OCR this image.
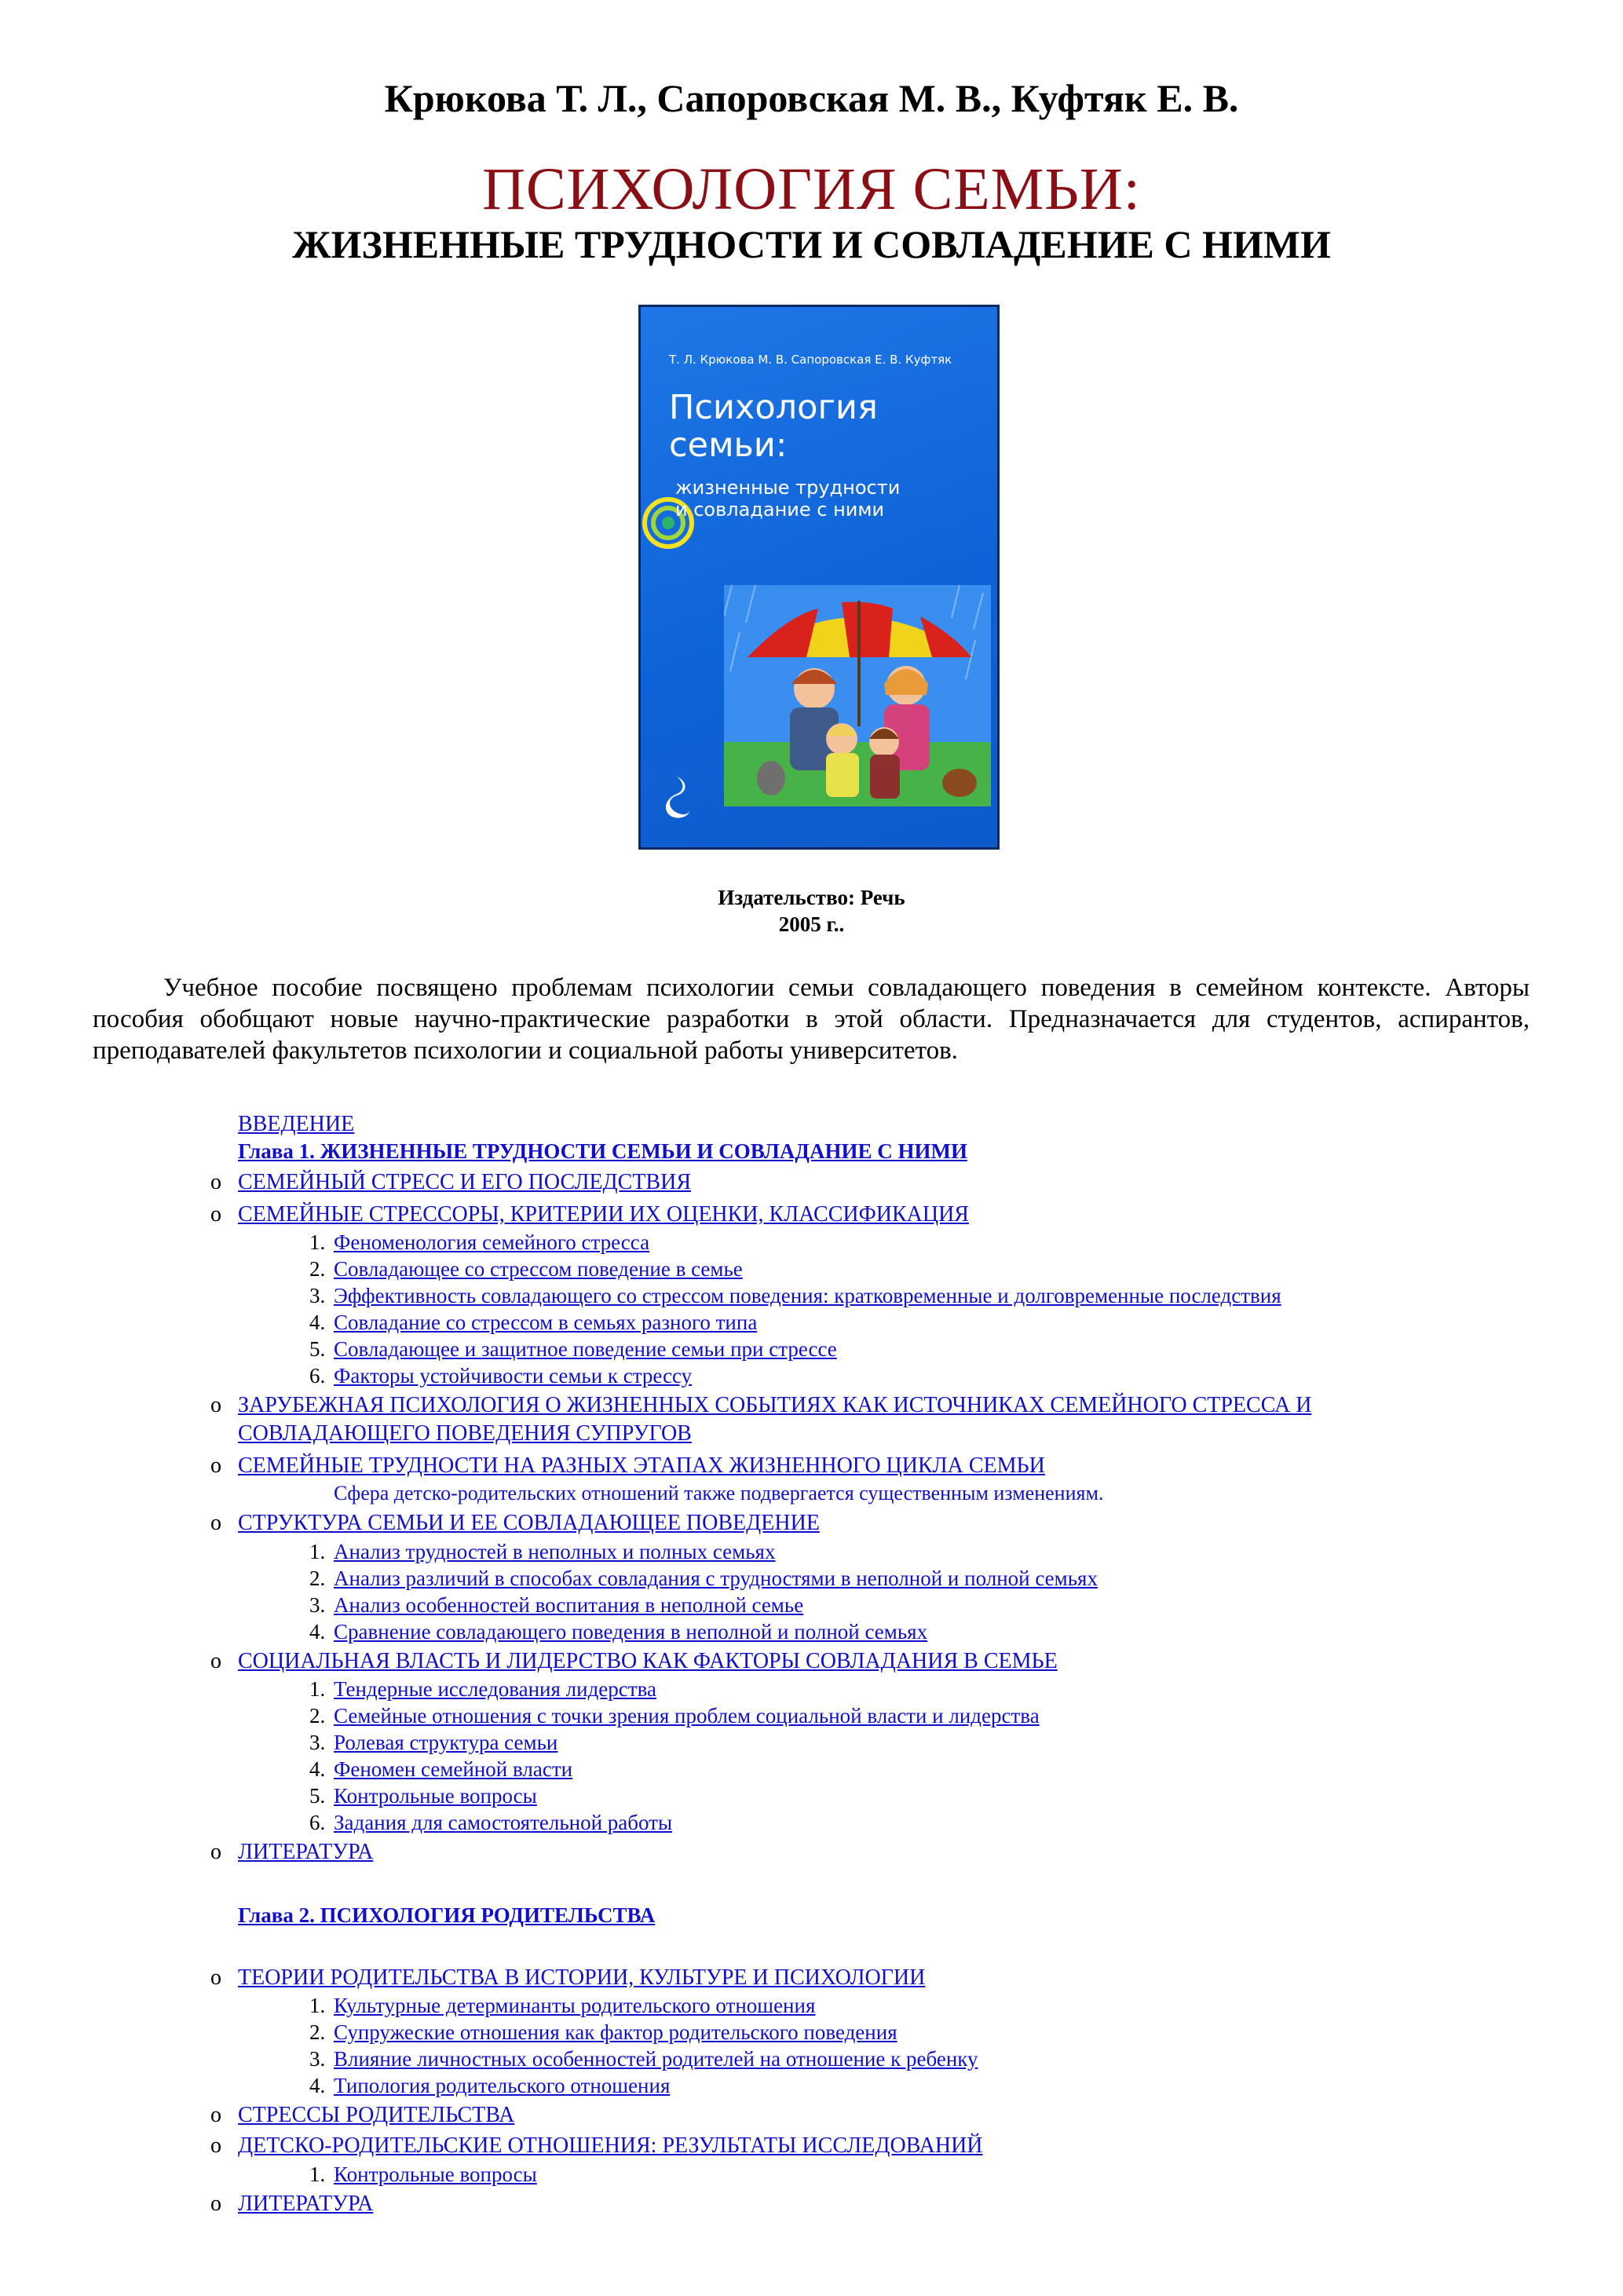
Крюкова Т. Л., Сапоровская М. В., Куфтяк Е. В.
ПСИХОЛОГИЯ СЕМЬИ:
ЖИЗНЕННЫЕ ТРУДНОСТИ И СОВЛАДЕНИЕ С НИМИ
Т. Л. Крюкова М. В. Сапоровская Е. В. Куфтяк
Психология
семьи:
жизненные трудности
и совладание с ними
Издательство: Речь
2005 г..
Учебное пособие посвящено проблемам психологии семьи совладающего поведения в семейном контексте. Авторы пособия обобщают новые научно-практические разработки в этой области. Предназначается для студентов, аспирантов, преподавателей факультетов психологии и социальной работы университетов.
ВВЕДЕНИЕ
Глава 1. ЖИЗНЕННЫЕ ТРУДНОСТИ СЕМЬИ И СОВЛАДАНИЕ С НИМИ
o СЕМЕЙНЫЙ СТРЕСС И ЕГО ПОСЛЕДСТВИЯ
o СЕМЕЙНЫЕ СТРЕССОРЫ, КРИТЕРИИ ИХ ОЦЕНКИ, КЛАССИФИКАЦИЯ
1. Феноменология семейного стресса
2. Совладающее со стрессом поведение в семье
3. Эффективность совладающего со стрессом поведения: кратковременные и долговременные последствия
4. Совладание со стрессом в семьях разного типа
5. Совладающее и защитное поведение семьи при стрессе
6. Факторы устойчивости семьи к стрессу
o ЗАРУБЕЖНАЯ ПСИХОЛОГИЯ О ЖИЗНЕННЫХ СОБЫТИЯХ КАК ИСТОЧНИКАХ СЕМЕЙНОГО СТРЕССА И
СОВЛАДАЮЩЕГО ПОВЕДЕНИЯ СУПРУГОВ
o СЕМЕЙНЫЕ ТРУДНОСТИ НА РАЗНЫХ ЭТАПАХ ЖИЗНЕННОГО ЦИКЛА СЕМЬИ
Сфера детско-родительских отношений также подвергается существенным изменениям.
o СТРУКТУРА СЕМЬИ И ЕЕ СОВЛАДАЮЩЕЕ ПОВЕДЕНИЕ
1. Анализ трудностей в неполных и полных семьях
2. Анализ различий в способах совладания с трудностями в неполной и полной семьях
3. Анализ особенностей воспитания в неполной семье
4. Сравнение совладающего поведения в неполной и полной семьях
o СОЦИАЛЬНАЯ ВЛАСТЬ И ЛИДЕРСТВО КАК ФАКТОРЫ СОВЛАДАНИЯ В СЕМЬЕ
1. Тендерные исследования лидерства
2. Семейные отношения с точки зрения проблем социальной власти и лидерства
3. Ролевая структура семьи
4. Феномен семейной власти
5. Контрольные вопросы
6. Задания для самостоятельной работы
o ЛИТЕРАТУРА
Глава 2. ПСИХОЛОГИЯ РОДИТЕЛЬСТВА
o ТЕОРИИ РОДИТЕЛЬСТВА В ИСТОРИИ, КУЛЬТУРЕ И ПСИХОЛОГИИ
1. Культурные детерминанты родительского отношения
2. Супружеские отношения как фактор родительского поведения
3. Влияние личностных особенностей родителей на отношение к ребенку
4. Типология родительского отношения
o СТРЕССЫ РОДИТЕЛЬСТВА
o ДЕТСКО-РОДИТЕЛЬСКИЕ ОТНОШЕНИЯ: РЕЗУЛЬТАТЫ ИССЛЕДОВАНИЙ
1. Контрольные вопросы
o ЛИТЕРАТУРА
